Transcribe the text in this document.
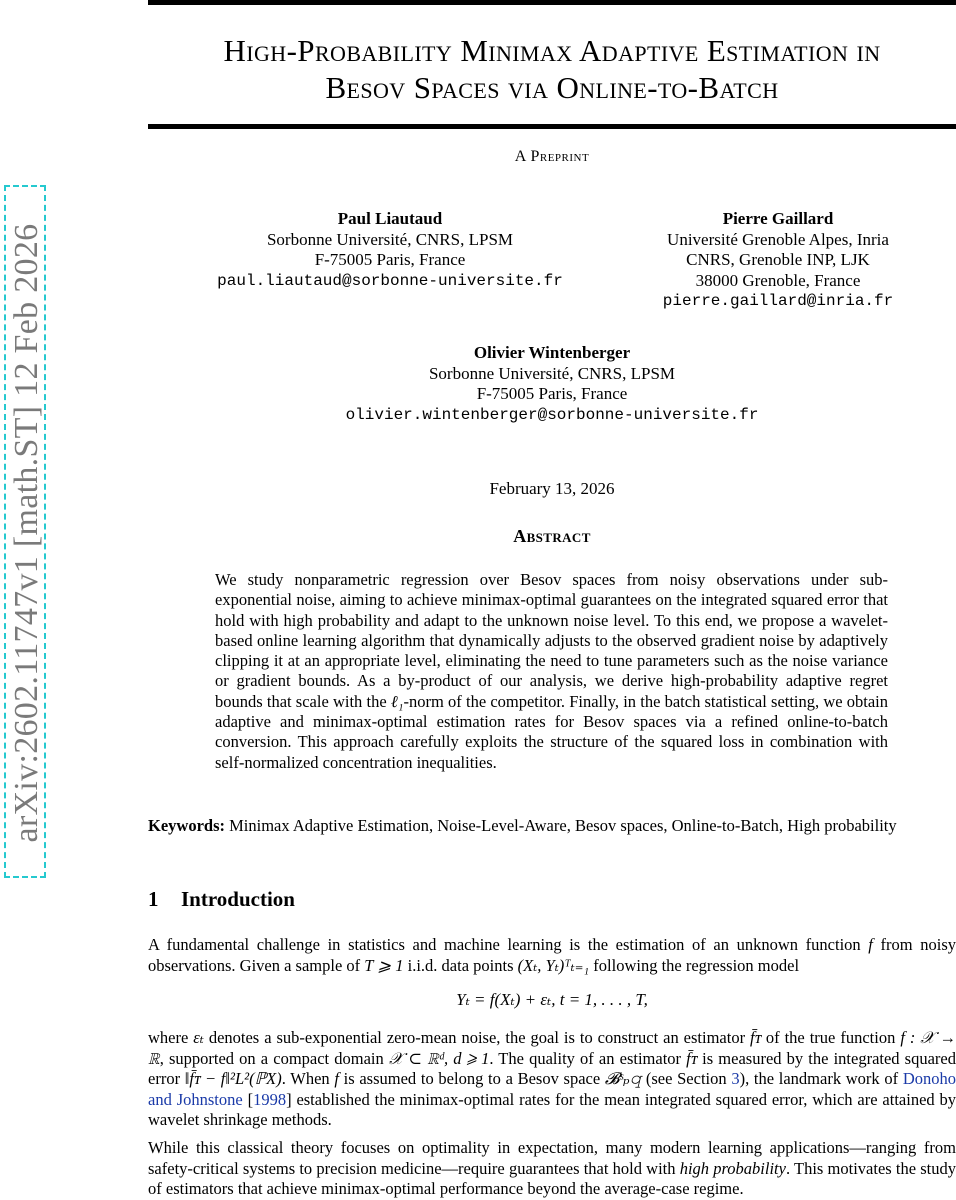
arXiv:2602.11747v1 [math.ST] 12 Feb 2026
High-Probability Minimax Adaptive Estimation in
Besov Spaces via Online-to-Batch
A Preprint
Paul Liautaud
Sorbonne Université, CNRS, LPSM
F-75005 Paris, France
paul.liautaud@sorbonne-universite.fr
Pierre Gaillard
Université Grenoble Alpes, Inria
CNRS, Grenoble INP, LJK
38000 Grenoble, France
pierre.gaillard@inria.fr
Olivier Wintenberger
Sorbonne Université, CNRS, LPSM
F-75005 Paris, France
olivier.wintenberger@sorbonne-universite.fr
February 13, 2026
Abstract
We study nonparametric regression over Besov spaces from noisy observations under sub-exponential noise, aiming to achieve minimax-optimal guarantees on the integrated squared error that hold with high probability and adapt to the unknown noise level. To this end, we propose a wavelet-based online learning algorithm that dynamically adjusts to the observed gradient noise by adaptively clipping it at an appropriate level, eliminating the need to tune parameters such as the noise variance or gradient bounds. As a by-product of our analysis, we derive high-probability adaptive regret bounds that scale with the ℓ₁-norm of the competitor. Finally, in the batch statistical setting, we obtain adaptive and minimax-optimal estimation rates for Besov spaces via a refined online-to-batch conversion. This approach carefully exploits the structure of the squared loss in combination with self-normalized concentration inequalities.
Keywords: Minimax Adaptive Estimation, Noise-Level-Aware, Besov spaces, Online-to-Batch, High probability
1 Introduction
A fundamental challenge in statistics and machine learning is the estimation of an unknown function f from noisy observations. Given a sample of T ⩾ 1 i.i.d. data points (Xₜ, Yₜ)ᵀₜ₌₁ following the regression model
Yₜ = f(Xₜ) + εₜ, t = 1, . . . , T,
where εₜ denotes a sub-exponential zero-mean noise, the goal is to construct an estimator f̄ᴛ of the true function f : 𝒳 → ℝ, supported on a compact domain 𝒳 ⊂ ℝᵈ, d ⩾ 1. The quality of an estimator f̄ᴛ is measured by the integrated squared error ‖f̄ᴛ − f‖²L²(ℙX). When f is assumed to belong to a Besov space 𝓑ˢₚ𝚚 (see Section 3), the landmark work of Donoho and Johnstone [1998] established the minimax-optimal rates for the mean integrated squared error, which are attained by wavelet shrinkage methods.
While this classical theory focuses on optimality in expectation, many modern learning applications—ranging from safety-critical systems to precision medicine—require guarantees that hold with high probability. This motivates the study of estimators that achieve minimax-optimal performance beyond the average-case regime.
